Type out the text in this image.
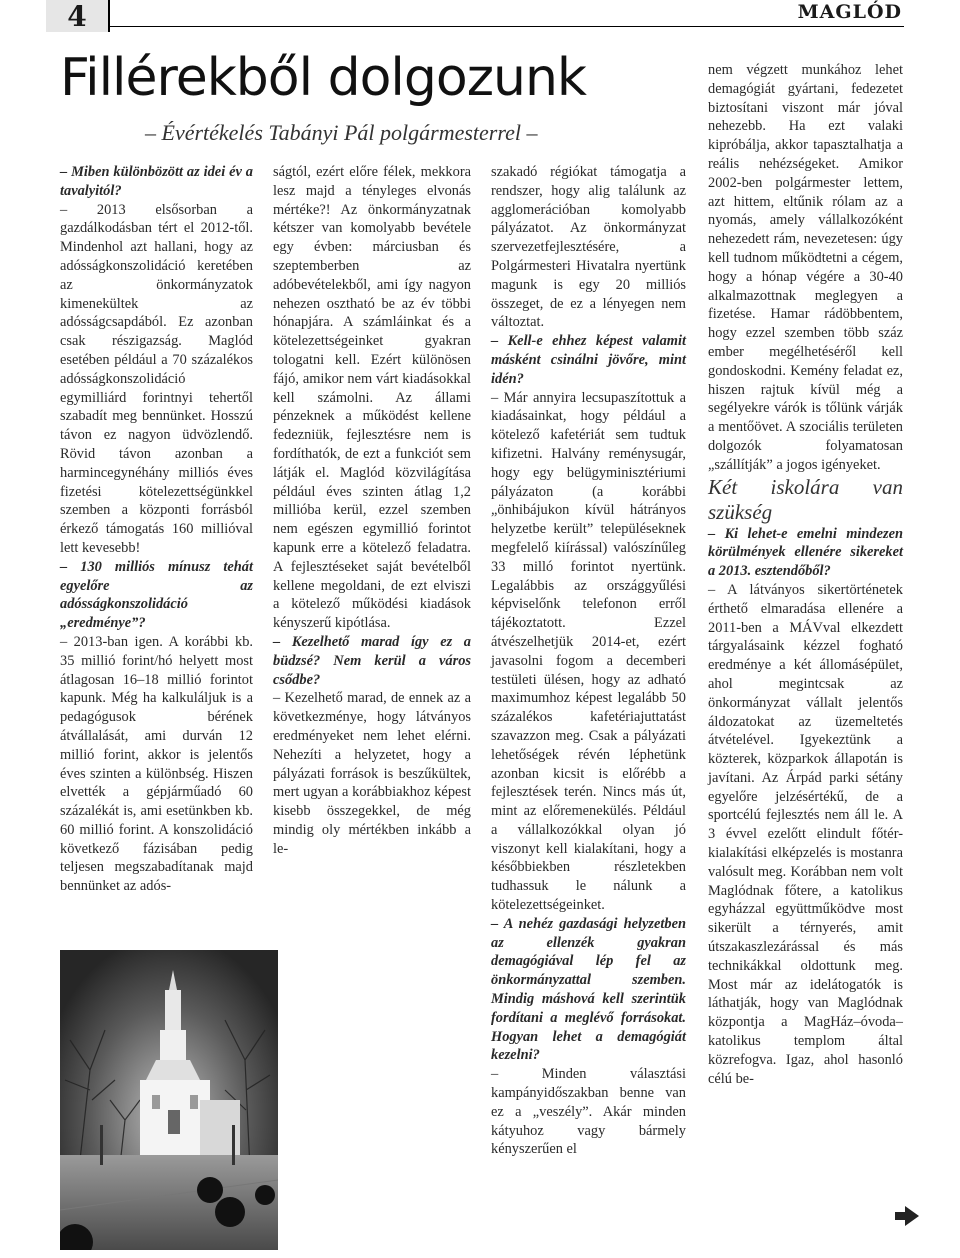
4	MAGLÓD
Fillérekből dolgozunk
– Évértékelés Tabányi Pál polgármesterrel –

– Miben különbözött az idei év a tavalyitól?

– 2013 elsősorban a gazdálkodásban tért el 2012-től. Mindenhol azt hallani, hogy az adósságkonszolidáció keretében az önkormányzatok kimenekültek az adósságcsapdából. Ez azonban csak részigazság. Maglód esetében például a 70 százalékos adósságkonszolidáció egymilliárd forintnyi tehertől szabadít meg bennünket. Hosszú távon ez nagyon üdvözlendő. Rövid távon azonban a harmincegynéhány milliós éves fizetési kötelezettségünkkel szemben a központi forrásból érkező támogatás 160 millióval lett kevesebb!

– 130 milliós mínusz tehát egyelőre az adósságkonszolidáció „eredménye”?

– 2013-ban igen. A korábbi kb. 35 millió forint/hó helyett most átlagosan 16–18 millió forintot kapunk. Még ha kalkuláljuk is a pedagógusok bérének átvállalását, ami durván 12 millió forint, akkor is jelentős éves szinten a különbség. Hiszen elvették a gépjárműadó 60 százalékát is, ami esetünkben kb. 60 millió forint. A konszolidáció következő fázisában pedig teljesen megszabadítanak majd bennünket az adós-

ságtól, ezért előre félek, mekkora lesz majd a tényleges elvonás mértéke?! Az önkormányzatnak kétszer van komolyabb bevétele egy évben: márciusban és szeptemberben az adóbevételekből, ami így nagyon nehezen osztható be az év többi hónapjára. A számláinkat és a kötelezettségeinket gyakran tologatni kell. Ezért különösen fájó, amikor nem várt kiadásokkal kell számolni. Az állami pénzeknek a működést kellene fedezniük, fejlesztésre nem is fordíthatók, de ezt a funkciót sem látják el. Maglód közvilágítása például éves szinten átlag 1,2 millióba kerül, ezzel szemben nem egészen egymillió forintot kapunk erre a kötelező feladatra. A fejlesztéseket saját bevételből kellene megoldani, de ezt elviszi a kötelező működési kiadások kényszerű kipótlása.

– Kezelhető marad így ez a büdzsé? Nem kerül a város csődbe?

– Kezelhető marad, de ennek az a következménye, hogy látványos eredményeket nem lehet elérni. Nehezíti a helyzetet, hogy a pályázati források is beszűkültek, mert ugyan a korábbiakhoz képest kisebb összegekkel, de még mindig oly mértékben inkább a le-

szakadó régiókat támogatja a rendszer, hogy alig találunk az agglomerációban komolyabb pályázatot. Az önkormányzat szervezetfejlesztésére, a Polgármesteri Hivatalra nyertünk magunk is egy 20 milliós összeget, de ez a lényegen nem változtat.

– Kell-e ehhez képest valamit másként csinálni jövőre, mint idén?

– Már annyira lecsupaszítottuk a kiadásainkat, hogy például a kötelező kafetériát sem tudtuk kifizetni. Halvány reménysugár, hogy egy belügyminisztériumi pályázaton (a korábbi „önhibájukon kívül hátrányos helyzetbe került” településeknek megfelelő kiírással) valószínűleg 33 milló forintot nyertünk. Legalábbis az országgyűlési képviselőnk telefonon erről tájékoztatott. Ezzel átvészelhetjük 2014-et, ezért javasolni fogom a decemberi testületi ülésen, hogy az adható maximumhoz képest legalább 50 százalékos kafetériajuttatást szavazzon meg. Csak a pályázati lehetőségek révén léphetünk azonban kicsit is előrébb a fejlesztések terén. Nincs más út, mint az előremenekülés. Például a vállalkozókkal olyan jó viszonyt kell kialakítani, hogy a későbbiekben részletekben tudhassuk le nálunk a kötelezettségeinket.

– A nehéz gazdasági helyzetben az ellenzék gyakran demagógiával lép fel az önkormányzattal szemben. Mindig máshová kell szerintük fordítani a meglévő forrásokat. Hogyan lehet a demagógiát kezelni?

– Minden választási kampányidőszakban benne van ez a „veszély”. Akár minden kátyuhoz vagy bármely kényszerűen el

nem végzett munkához lehet demagógiát gyártani, fedezetet biztosítani viszont már jóval nehezebb. Ha ezt valaki kipróbálja, akkor tapasztalhatja a reális nehézségeket. Amikor 2002-ben polgármester lettem, azt hittem, eltűnik rólam az a nyomás, amely vállalkozóként nehezedett rám, nevezetesen: úgy kell tudnom működtetni a cégem, hogy a hónap végére a 30-40 alkalmazottnak meglegyen a fizetése. Hamar rádöbbentem, hogy ezzel szemben több száz ember megélhetéséről kell gondoskodni. Kemény feladat ez, hiszen rajtuk kívül még a segélyekre várók is tőlünk várják a mentőövet. A szociális területen dolgozók folyamatosan „szállítják” a jogos igényeket.

Két iskolára van szükség

– Ki lehet-e emelni mindezen körülmények ellenére sikereket a 2013. esztendőből?

– A látványos sikertörténetek érthető elmaradása ellenére a 2011-ben a MÁVval elkezdett tárgyalásaink kézzel fogható eredménye a két állomásépület, ahol megintcsak az önkormányzat vállalt jelentős áldozatokat az üzemeltetés átvételével. Igyekeztünk a közterek, közparkok állapotán is javítani. Az Árpád parki sétány egyelőre jelzésértékű, de a sportcélú fejlesztés nem áll le. A 3 évvel ezelőtt elindult főtér-kialakítási elképzelés is mostanra valósult meg. Korábban nem volt Maglódnak főtere, a katolikus egyházzal együttműködve most sikerült a térnyerés, amit útszakaszlezárással és más technikákkal oldottunk meg. Most már az idelátogatók is láthatják, hogy van Maglódnak központja a MagHáz–óvoda–katolikus templom által közrefogva. Igaz, ahol hasonló célú be-
